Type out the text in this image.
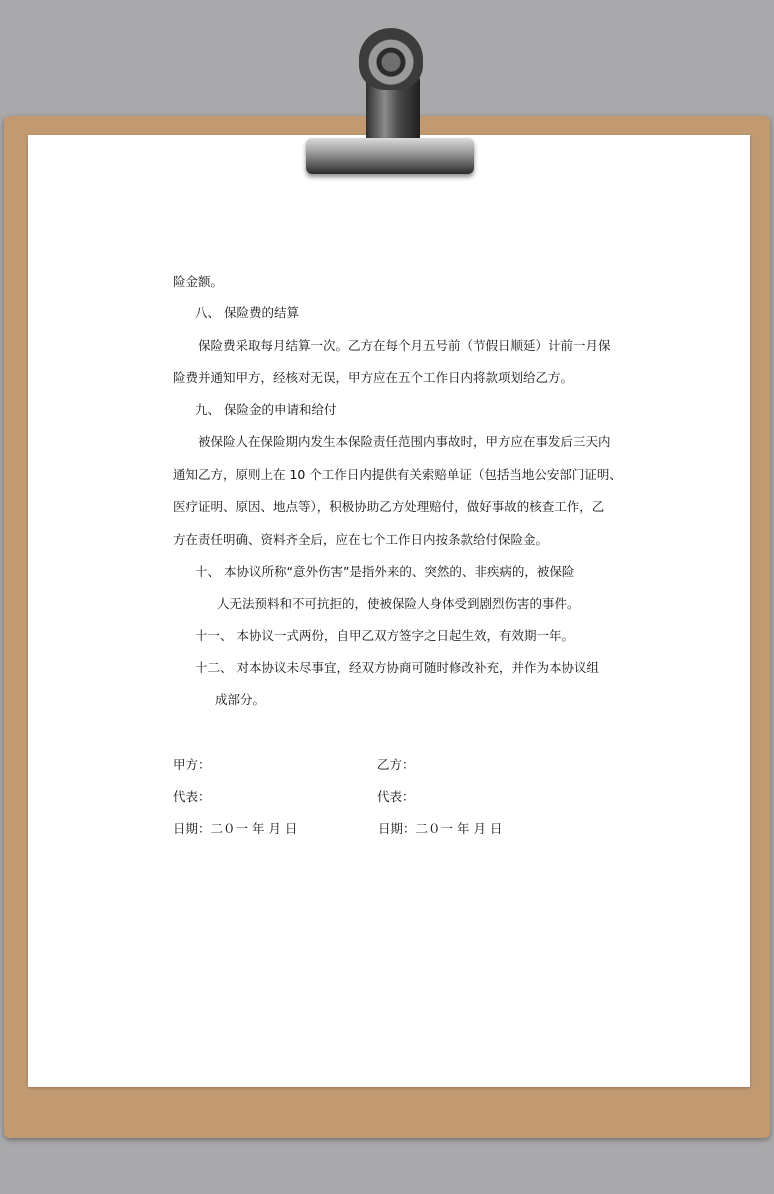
险金额。
八、 保险费的结算
保险费采取每月结算一次。乙方在每个月五号前（节假日顺延）计前一月保
险费并通知甲方，经核对无误，甲方应在五个工作日内将款项划给乙方。
九、 保险金的申请和给付
被保险人在保险期内发生本保险责任范围内事故时，甲方应在事发后三天内
通知乙方，原则上在 10 个工作日内提供有关索赔单证（包括当地公安部门证明、
医疗证明、原因、地点等），积极协助乙方处理赔付，做好事故的核查工作，乙
方在责任明确、资料齐全后，应在七个工作日内按条款给付保险金。
十、 本协议所称“意外伤害”是指外来的、突然的、非疾病的，被保险
人无法预料和不可抗拒的，使被保险人身体受到剧烈伤害的事件。
十一、 本协议一式两份，自甲乙双方签字之日起生效，有效期一年。
十二、 对本协议未尽事宜，经双方协商可随时修改补充，并作为本协议组
成部分。
甲方：	乙方：
代表：	代表：
日期：二０一 年 月 日	日期：二０一 年 月 日
